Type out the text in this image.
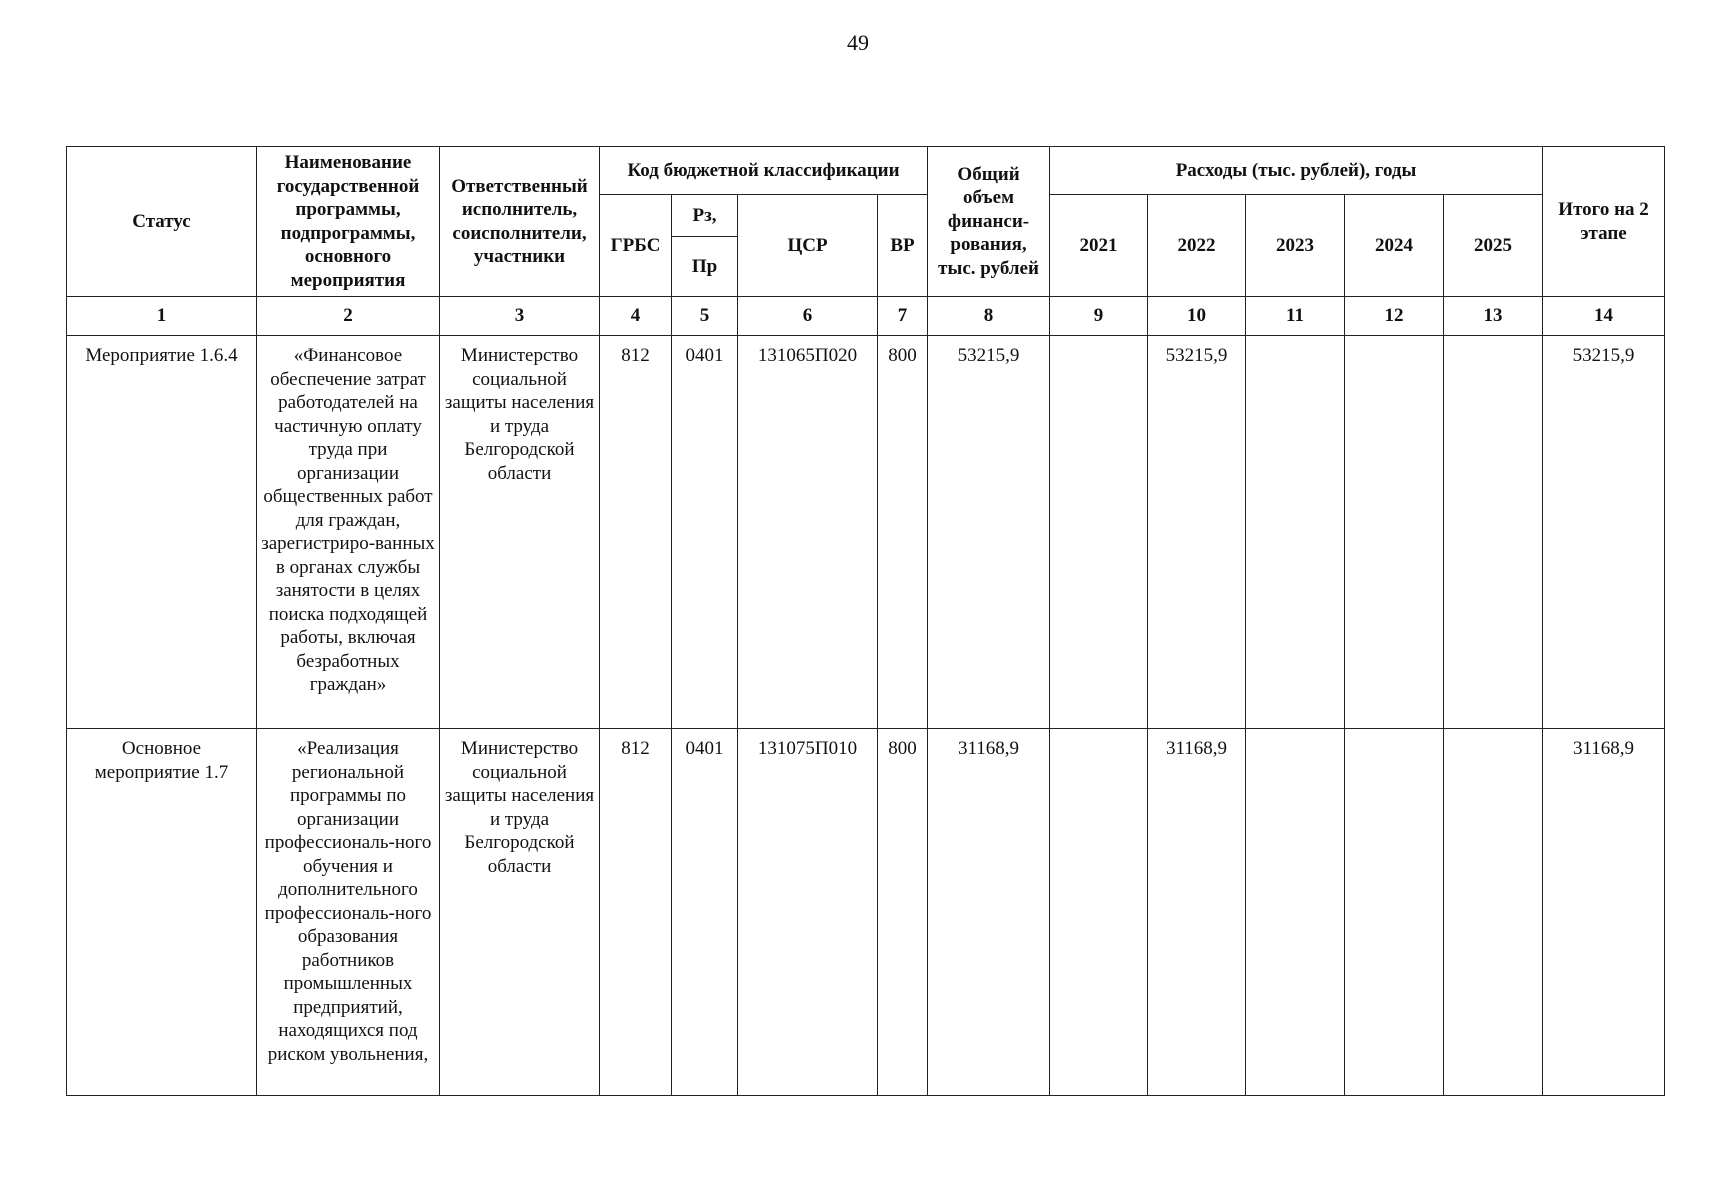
49
Статус	Наименование государственной программы, подпрограммы, основного мероприятия	Ответственный исполнитель, соисполнители, участники	Код бюджетной классификации				Общий объем финанси-рования, тыс. рублей	Расходы (тыс. рублей), годы					Итого на 2 этапе
			ГРБС	Рз,	ЦСР	ВР		2021	2022	2023	2024	2025	
				Пр									
1	2	3	4	5	6	7	8	9	10	11	12	13	14
Мероприятие 1.6.4	«Финансовое обеспечение затрат работодателей на частичную оплату труда при организации общественных работ для граждан, зарегистриро-ванных в органах службы занятости в целях поиска подходящей работы, включая безработных граждан»	Министерство социальной защиты населения и труда Белгородской области	812	0401	131065П020	800	53215,9		53215,9				53215,9
Основное мероприятие 1.7	«Реализация региональной программы по организации профессиональ-ного обучения и дополнительного профессиональ-ного образования работников промышленных предприятий, находящихся под риском увольнения,	Министерство социальной защиты населения и труда Белгородской области	812	0401	131075П010	800	31168,9		31168,9				31168,9
